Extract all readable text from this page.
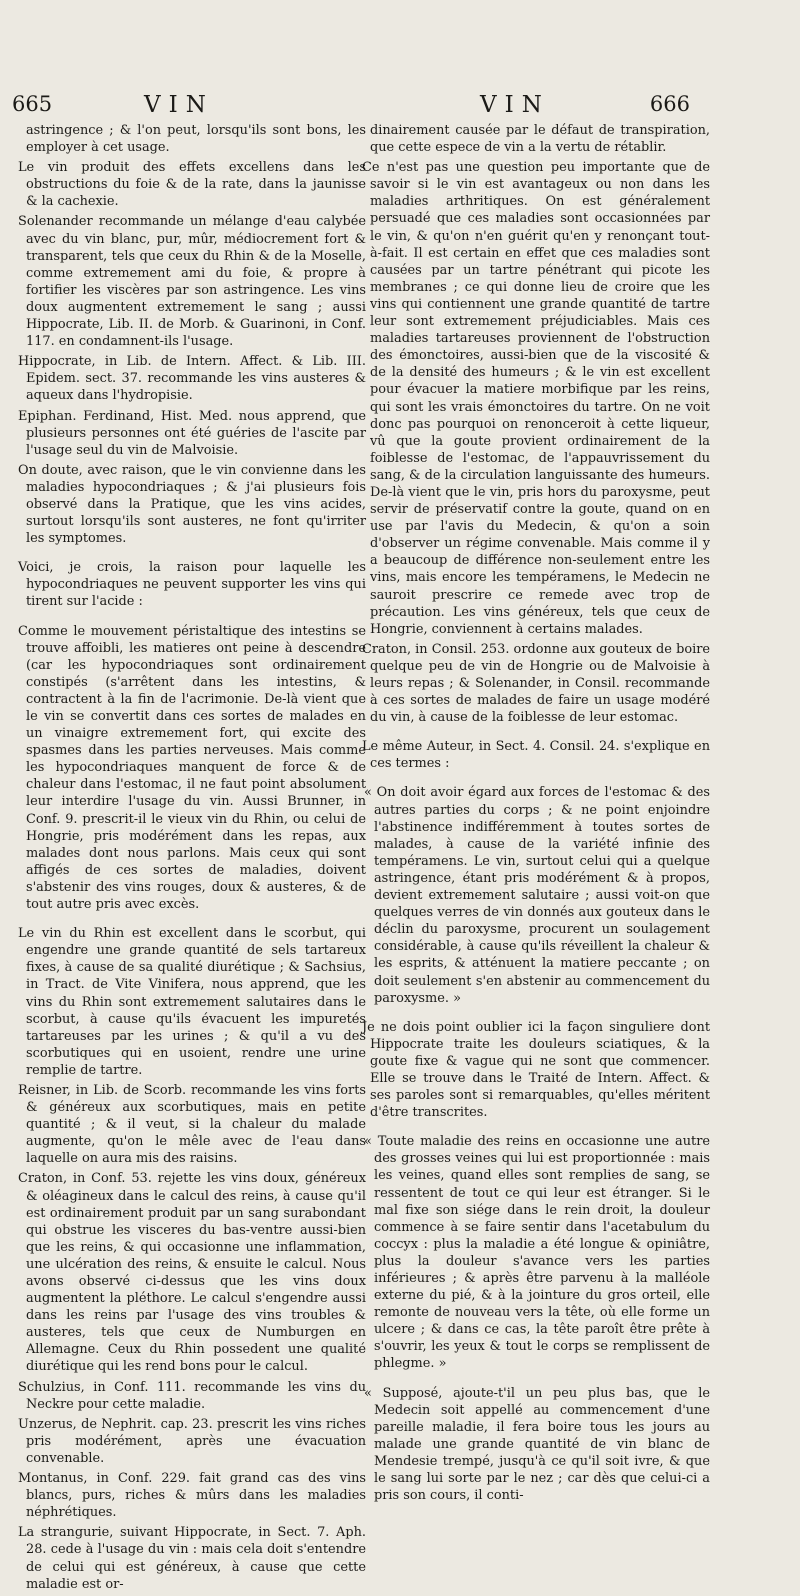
665	VIN	VIN	666

astringence ; & l'on peut, lorsqu'ils sont bons, les employer à cet usage.

Le vin produit des effets excellens dans les obstructions du foie & de la rate, dans la jaunisse & la cachexie.

Solenander recommande un mélange d'eau calybée avec du vin blanc, pur, mûr, médiocrement fort & transparent, tels que ceux du Rhin & de la Moselle, comme extremement ami du foie, & propre à fortifier les viscères par son astringence. Les vins doux augmentent extremement le sang ; aussi Hippocrate, Lib. II. de Morb. & Guarinoni, in Conf. 117. en condamnent-ils l'usage.

Hippocrate, in Lib. de Intern. Affect. & Lib. III. Epidem. sect. 37. recommande les vins austeres & aqueux dans l'hydropisie.

Epiphan. Ferdinand, Hist. Med. nous apprend, que plusieurs personnes ont été guéries de l'ascite par l'usage seul du vin de Malvoisie.

On doute, avec raison, que le vin convienne dans les maladies hypocondriaques ; & j'ai plusieurs fois observé dans la Pratique, que les vins acides, surtout lorsqu'ils sont austeres, ne font qu'irriter les symptomes.

Voici, je crois, la raison pour laquelle les hypocondriaques ne peuvent supporter les vins qui tirent sur l'acide :

Comme le mouvement péristaltique des intestins se trouve affoibli, les matieres ont peine à descendre (car les hypocondriaques sont ordinairement constipés (s'arrêtent dans les intestins, & contractent à la fin de l'acrimonie. De-là vient que le vin se convertit dans ces sortes de malades en un vinaigre extremement fort, qui excite des spasmes dans les parties nerveuses. Mais comme les hypocondriaques manquent de force & de chaleur dans l'estomac, il ne faut point absolument leur interdire l'usage du vin. Aussi Brunner, in Conf. 9. prescrit-il le vieux vin du Rhin, ou celui de Hongrie, pris modérément dans les repas, aux malades dont nous parlons. Mais ceux qui sont affigés de ces sortes de maladies, doivent s'abstenir des vins rouges, doux & austeres, & de tout autre pris avec excès.

Le vin du Rhin est excellent dans le scorbut, qui engendre une grande quantité de sels tartareux fixes, à cause de sa qualité diurétique ; & Sachsius, in Tract. de Vite Vinifera, nous apprend, que les vins du Rhin sont extremement salutaires dans le scorbut, à cause qu'ils évacuent les impuretés tartareuses par les urines ; & qu'il a vu des scorbutiques qui en usoient, rendre une urine remplie de tartre.

Reisner, in Lib. de Scorb. recommande les vins forts & généreux aux scorbutiques, mais en petite quantité ; & il veut, si la chaleur du malade augmente, qu'on le mêle avec de l'eau dans laquelle on aura mis des raisins.

Craton, in Conf. 53. rejette les vins doux, généreux & oléagineux dans le calcul des reins, à cause qu'il est ordinairement produit par un sang surabondant qui obstrue les visceres du bas-ventre aussi-bien que les reins, & qui occasionne une inflammation, une ulcération des reins, & ensuite le calcul. Nous avons observé ci-dessus que les vins doux augmentent la pléthore. Le calcul s'engendre aussi dans les reins par l'usage des vins troubles & austeres, tels que ceux de Numburgen en Allemagne. Ceux du Rhin possedent une qualité diurétique qui les rend bons pour le calcul.

Schulzius, in Conf. 111. recommande les vins du Neckre pour cette maladie.

Unzerus, de Nephrit. cap. 23. prescrit les vins riches pris modérément, après une évacuation convenable.

Montanus, in Conf. 229. fait grand cas des vins blancs, purs, riches & mûrs dans les maladies néphrétiques.

La strangurie, suivant Hippocrate, in Sect. 7. Aph. 28. cede à l'usage du vin : mais cela doit s'entendre de celui qui est généreux, à cause que cette maladie est or-

dinairement causée par le défaut de transpiration, que cette espece de vin a la vertu de rétablir.

Ce n'est pas une question peu importante que de savoir si le vin est avantageux ou non dans les maladies arthritiques. On est généralement persuadé que ces maladies sont occasionnées par le vin, & qu'on n'en guérit qu'en y renonçant tout-à-fait. Il est certain en effet que ces maladies sont causées par un tartre pénétrant qui picote les membranes ; ce qui donne lieu de croire que les vins qui contiennent une grande quantité de tartre leur sont extremement préjudiciables. Mais ces maladies tartareuses proviennent de l'obstruction des émonctoires, aussi-bien que de la viscosité & de la densité des humeurs ; & le vin est excellent pour évacuer la matiere morbifique par les reins, qui sont les vrais émonctoires du tartre. On ne voit donc pas pourquoi on renonceroit à cette liqueur, vû que la goute provient ordinairement de la foiblesse de l'estomac, de l'appauvrissement du sang, & de la circulation languissante des humeurs. De-là vient que le vin, pris hors du paroxysme, peut servir de préservatif contre la goute, quand on en use par l'avis du Medecin, & qu'on a soin d'observer un régime convenable. Mais comme il y a beaucoup de différence non-seulement entre les vins, mais encore les tempéramens, le Medecin ne sauroit prescrire ce remede avec trop de précaution. Les vins généreux, tels que ceux de Hongrie, conviennent à certains malades.

Craton, in Consil. 253. ordonne aux gouteux de boire quelque peu de vin de Hongrie ou de Malvoisie à leurs repas ; & Solenander, in Consil. recommande à ces sortes de malades de faire un usage modéré du vin, à cause de la foiblesse de leur estomac.

Le même Auteur, in Sect. 4. Consil. 24. s'explique en ces termes :

« On doit avoir égard aux forces de l'estomac & des autres parties du corps ; & ne point enjoindre l'abstinence indifféremment à toutes sortes de malades, à cause de la variété infinie des tempéramens. Le vin, surtout celui qui a quelque astringence, étant pris modérément & à propos, devient extremement salutaire ; aussi voit-on que quelques verres de vin donnés aux gouteux dans le déclin du paroxysme, procurent un soulagement considérable, à cause qu'ils réveillent la chaleur & les esprits, & atténuent la matiere peccante ; on doit seulement s'en abstenir au commencement du paroxysme. »

Je ne dois point oublier ici la façon singuliere dont Hippocrate traite les douleurs sciatiques, & la goute fixe & vague qui ne sont que commencer. Elle se trouve dans le Traité de Intern. Affect. & ses paroles sont si remarquables, qu'elles méritent d'être transcrites.

« Toute maladie des reins en occasionne une autre des grosses veines qui lui est proportionnée : mais les veines, quand elles sont remplies de sang, se ressentent de tout ce qui leur est étranger. Si le mal fixe son siége dans le rein droit, la douleur commence à se faire sentir dans l'acetabulum du coccyx : plus la maladie a été longue & opiniâtre, plus la douleur s'avance vers les parties inférieures ; & après être parvenu à la malléole externe du pié, & à la jointure du gros orteil, elle remonte de nouveau vers la tête, où elle forme un ulcere ; & dans ce cas, la tête paroît être prête à s'ouvrir, les yeux & tout le corps se remplissent de phlegme. »

« Supposé, ajoute-t'il un peu plus bas, que le Medecin soit appellé au commencement d'une pareille maladie, il fera boire tous les jours au malade une grande quantité de vin blanc de Mendesie trempé, jusqu'à ce qu'il soit ivre, & que le sang lui sorte par le nez ; car dès que celui-ci a pris son cours, il conti-
